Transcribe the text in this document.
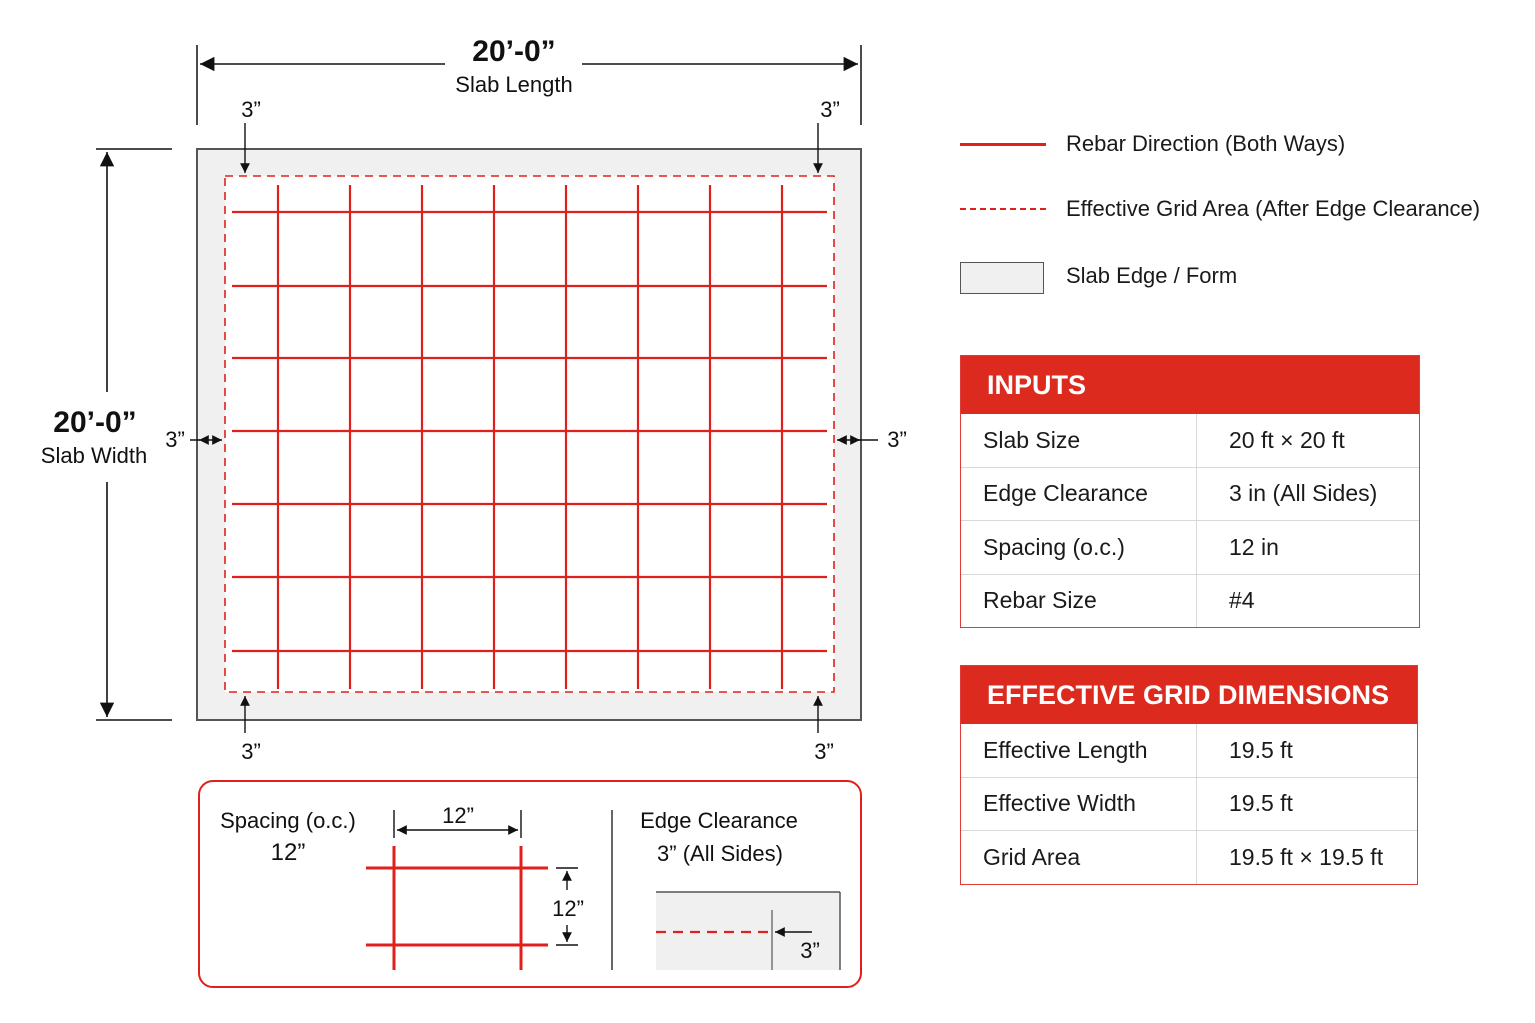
20’-0”
Slab Length
20’-0”
Slab Width
3”	3”
3”	3”
3”	3”
Spacing (o.c.)
12”
12”
12”
Edge Clearance
3” (All Sides)
3”
Rebar Direction (Both Ways)
Effective Grid Area (After Edge Clearance)
Slab Edge / Form
INPUTS
Slab Size	20 ft × 20 ft
Edge Clearance	3 in (All Sides)
Spacing (o.c.)	12 in
Rebar Size	#4
EFFECTIVE GRID DIMENSIONS
Effective Length	19.5 ft
Effective Width	19.5 ft
Grid Area	19.5 ft × 19.5 ft
